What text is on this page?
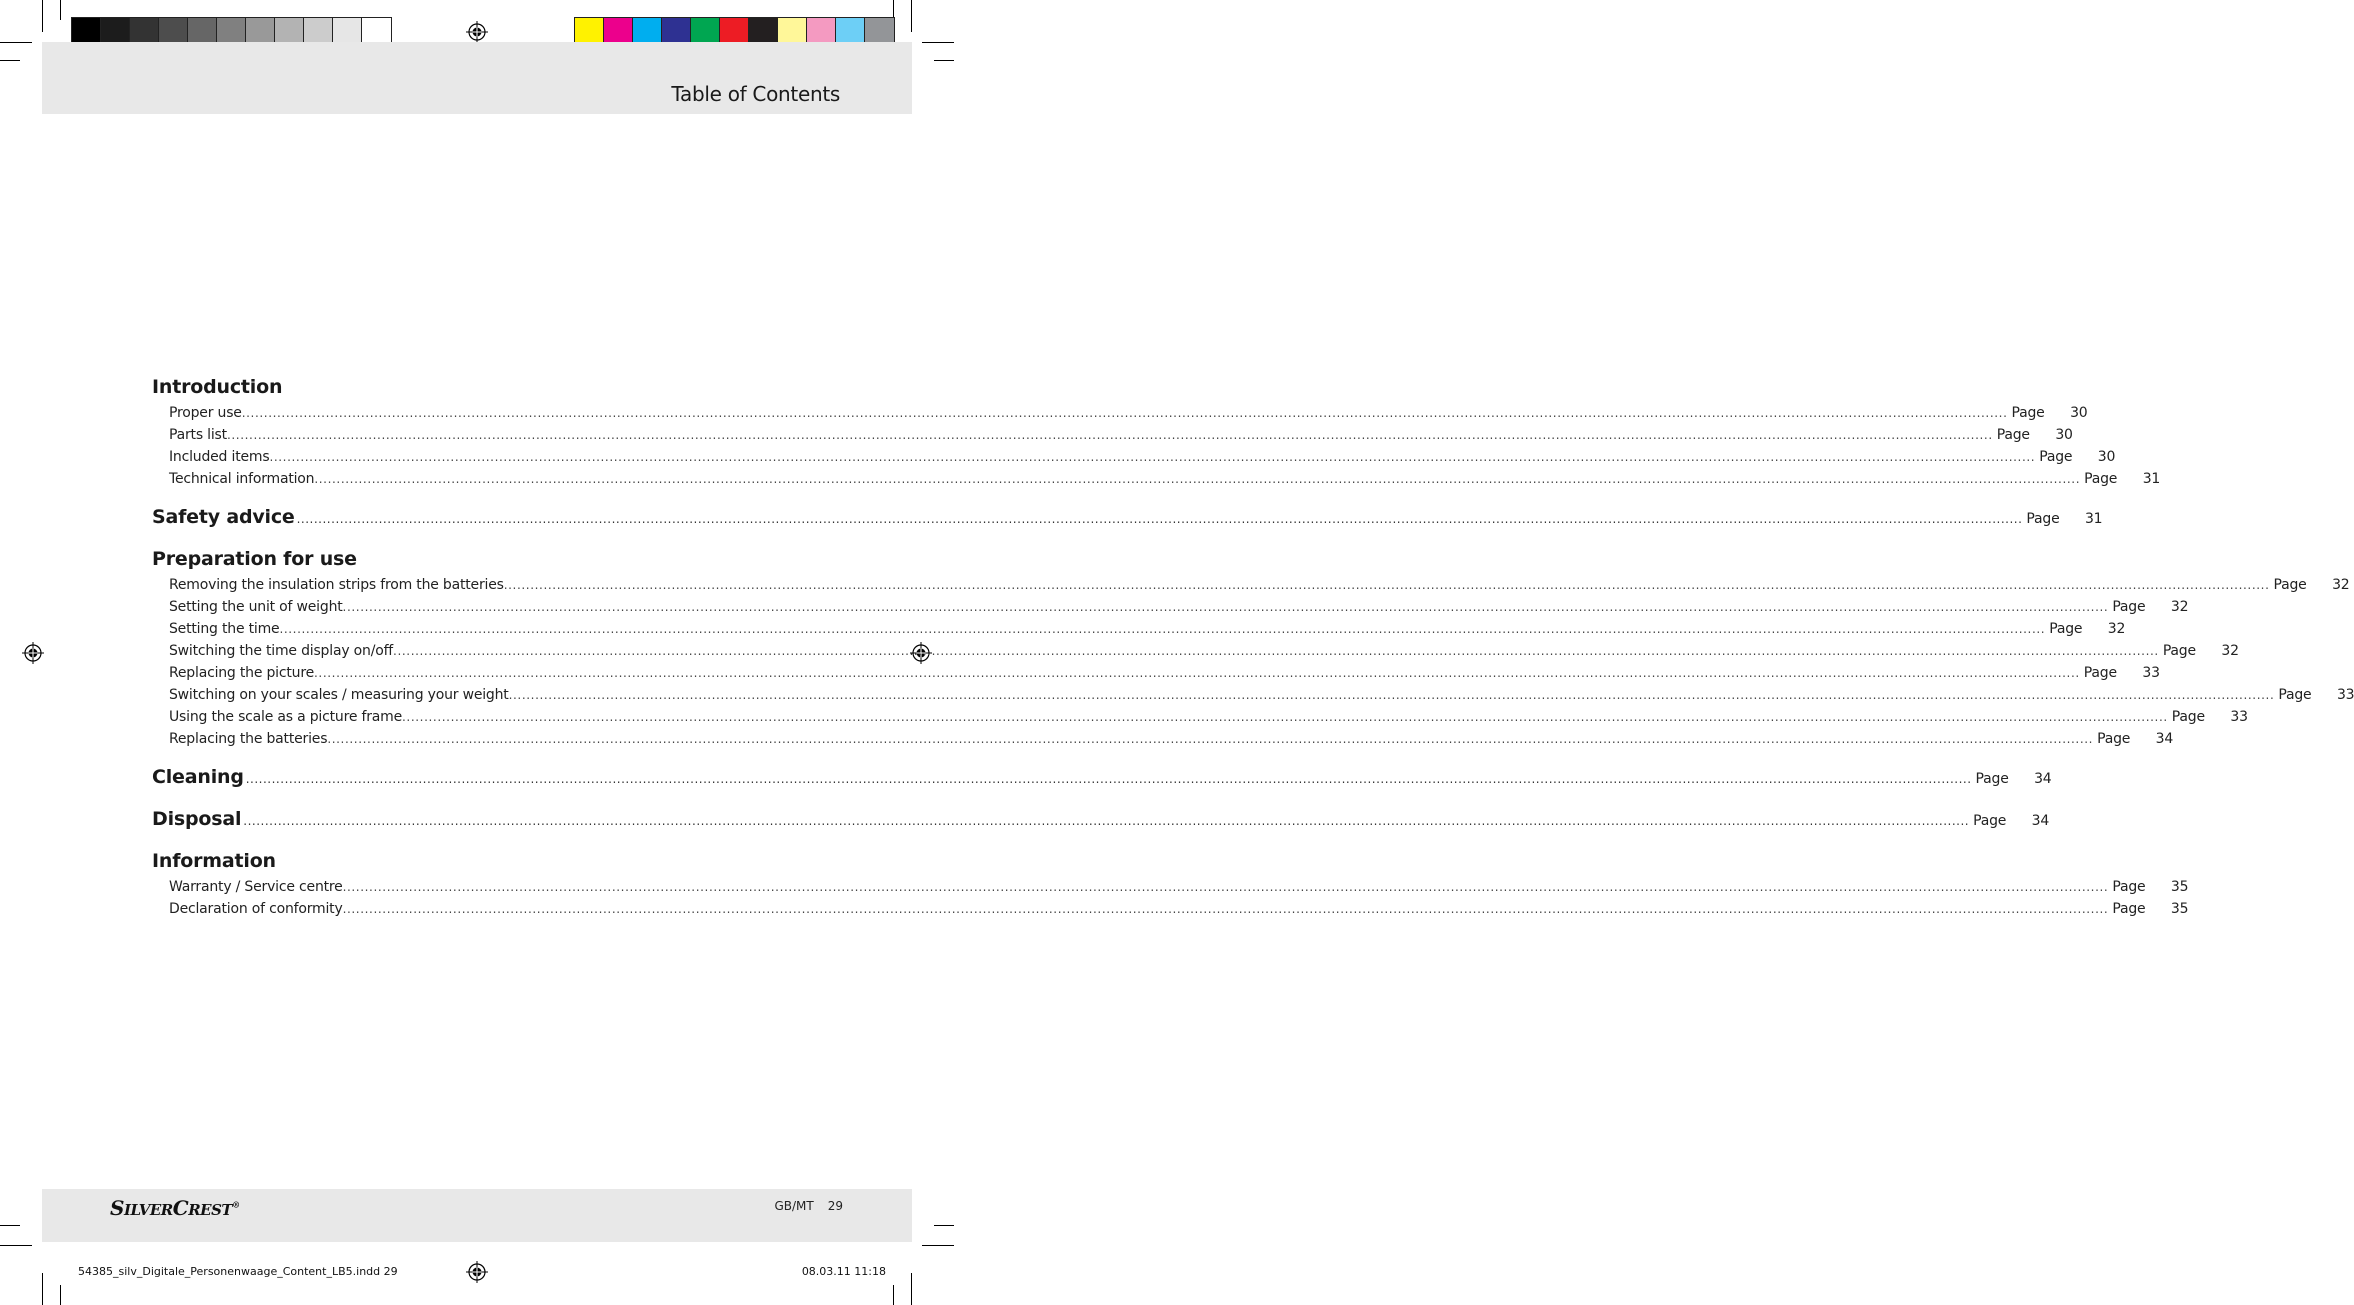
Table of Contents
Introduction
Proper use ................................................................................................................................................................................................................................................................................................................................................................................................................ Page	30
Parts list ................................................................................................................................................................................................................................................................................................................................................................................................................ Page	30
Included items ................................................................................................................................................................................................................................................................................................................................................................................................................ Page	30
Technical information ................................................................................................................................................................................................................................................................................................................................................................................................................ Page	31
Safety advice ................................................................................................................................................................................................................................................................................................................................................................................................................ Page	31
Preparation for use
Removing the insulation strips from the batteries ................................................................................................................................................................................................................................................................................................................................................................................................................ Page	32
Setting the unit of weight ................................................................................................................................................................................................................................................................................................................................................................................................................ Page	32
Setting the time ................................................................................................................................................................................................................................................................................................................................................................................................................ Page	32
Switching the time display on/off ................................................................................................................................................................................................................................................................................................................................................................................................................ Page	32
Replacing the picture ................................................................................................................................................................................................................................................................................................................................................................................................................ Page	33
Switching on your scales / measuring your weight ................................................................................................................................................................................................................................................................................................................................................................................................................ Page	33
Using the scale as a picture frame ................................................................................................................................................................................................................................................................................................................................................................................................................ Page	33
Replacing the batteries ................................................................................................................................................................................................................................................................................................................................................................................................................ Page	34
Cleaning ................................................................................................................................................................................................................................................................................................................................................................................................................ Page	34
Disposal ................................................................................................................................................................................................................................................................................................................................................................................................................ Page	34
Information
Warranty / Service centre ................................................................................................................................................................................................................................................................................................................................................................................................................ Page	35
Declaration of conformity ................................................................................................................................................................................................................................................................................................................................................................................................................ Page	35
SILVERCREST®	GB/MT 29
54385_silv_Digitale_Personenwaage_Content_LB5.indd 29	08.03.11 11:18
